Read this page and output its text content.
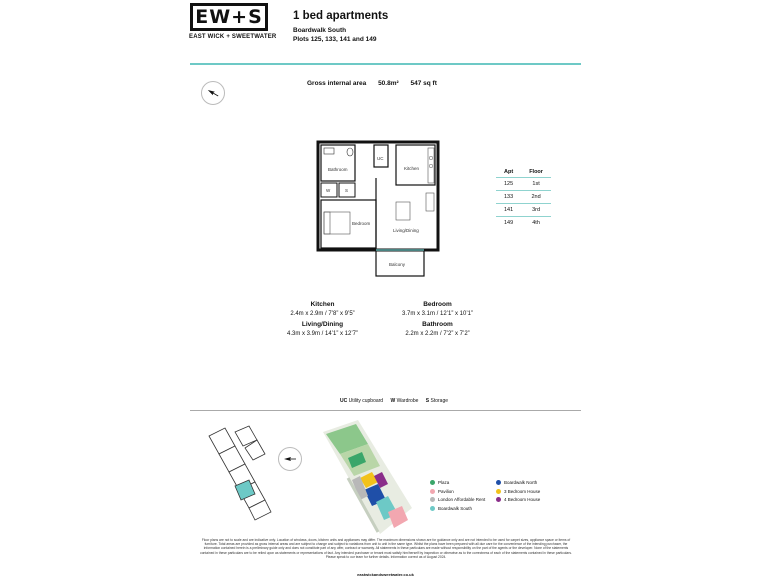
EW+S
EAST WICK + SWEETWATER
1 bed apartments
Boardwalk South
Plots 125, 133, 141 and 149
Gross internal area 50.8m² 547 sq ft
Bathroom
UC
Kitchen
W	S
Bedroom
Living/Dining
Balcony
Apt	Floor
125	1st
133	2nd
141	3rd
149	4th
Kitchen
2.4m x 2.9m / 7’8” x 9’5”
Bedroom
3.7m x 3.1m / 12’1” x 10’1”
Living/Dining
4.3m x 3.9m / 14’1” x 12’7”
Bathroom
2.2m x 2.2m / 7’2” x 7’2”
UC Utility cupboard W Wardrobe S Storage
Plaza
Pavilion
London Affordable Rent
Boardwalk South
Boardwalk North
3 Bedroom House
4 Bedroom House
Floor plans are not to scale and are indicative only. Location of windows, doors, kitchen units and appliances may differ. The maximum dimensions shown are for guidance only and are not intended to be used for carpet sizes, appliance space or items of furniture. Total areas are provided as gross internal areas and are subject to change and subject to variations from unit to unit in the same type. Whilst the plans have been prepared with all due care for the convenience of the intending purchaser, the information contained herein is a preliminary guide only and does not constitute part of any offer, contract or warranty. All statements in these particulars are made without responsibility on the part of the agents or the developer. None of the statements contained in these particulars are to be relied upon as statements or representations of fact. Any intended purchaser or tenant must satisfy him/herself by inspection or otherwise as to the correctness of each of the statements contained in these particulars. Please speak to our team for further details. Information correct as of August 2024.
eastwickandsweetwater.co.uk
